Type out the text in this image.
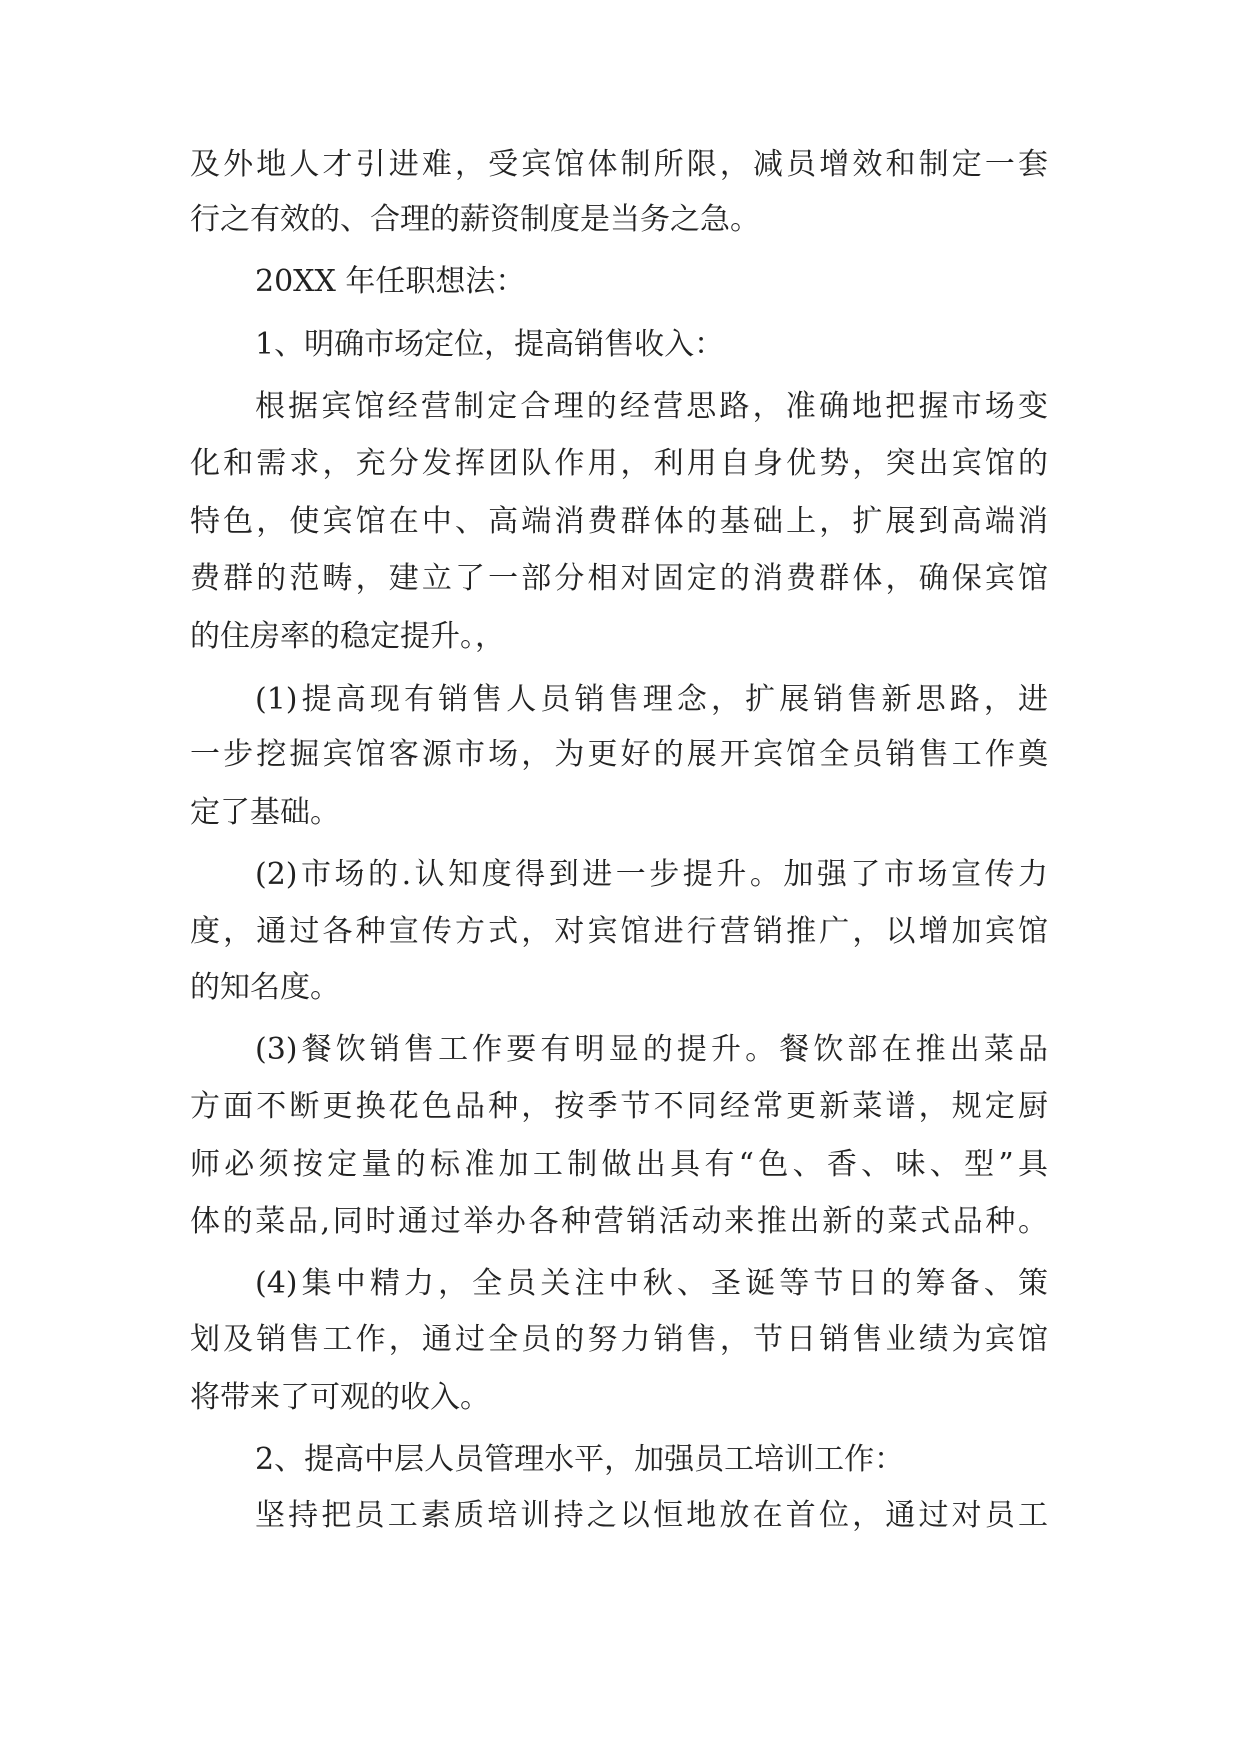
及外地人才引进难，受宾馆体制所限，减员增效和制定一套
行之有效的、合理的薪资制度是当务之急。
20XX 年任职想法：
1、明确市场定位，提高销售收入：
根据宾馆经营制定合理的经营思路，准确地把握市场变
化和需求，充分发挥团队作用，利用自身优势，突出宾馆的
特色，使宾馆在中、高端消费群体的基础上，扩展到高端消
费群的范畴，建立了一部分相对固定的消费群体，确保宾馆
的住房率的稳定提升。，
(1)提高现有销售人员销售理念，扩展销售新思路，进
一步挖掘宾馆客源市场，为更好的展开宾馆全员销售工作奠
定了基础。
(2)市场的.认知度得到进一步提升。加强了市场宣传力
度，通过各种宣传方式，对宾馆进行营销推广，以增加宾馆
的知名度。
(3)餐饮销售工作要有明显的提升。餐饮部在推出菜品
方面不断更换花色品种，按季节不同经常更新菜谱，规定厨
师必须按定量的标准加工制做出具有“色、香、味、型”具
体的菜品,同时通过举办各种营销活动来推出新的菜式品种。
(4)集中精力，全员关注中秋、圣诞等节日的筹备、策
划及销售工作，通过全员的努力销售，节日销售业绩为宾馆
将带来了可观的收入。
2、提高中层人员管理水平，加强员工培训工作：
坚持把员工素质培训持之以恒地放在首位，通过对员工
